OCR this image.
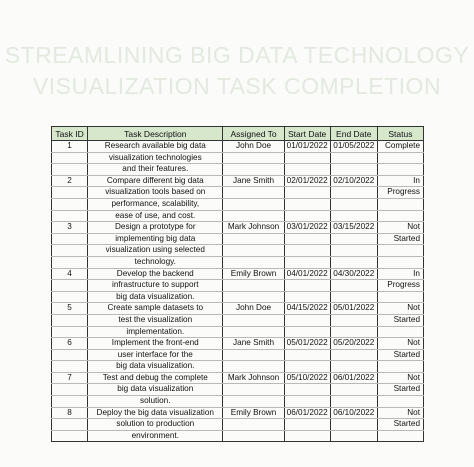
STREAMLINING BIG DATA TECHNOLOGY
VISUALIZATION TASK COMPLETION
Task ID	Task Description	Assigned To	Start Date	End Date	Status
1	Research available big data	John Doe	01/01/2022	01/05/2022	Complete
	visualization technologies				
	and their features.				
2	Compare different big data	Jane Smith	02/01/2022	02/10/2022	In
	visualization tools based on				Progress
	performance, scalability,				
	ease of use, and cost.				
3	Design a prototype for	Mark Johnson	03/01/2022	03/15/2022	Not
	implementing big data				Started
	visualization using selected				
	technology.				
4	Develop the backend	Emily Brown	04/01/2022	04/30/2022	In
	infrastructure to support				Progress
	big data visualization.				
5	Create sample datasets to	John Doe	04/15/2022	05/01/2022	Not
	test the visualization				Started
	implementation.				
6	Implement the front-end	Jane Smith	05/01/2022	05/20/2022	Not
	user interface for the				Started
	big data visualization.				
7	Test and debug the complete	Mark Johnson	05/10/2022	06/01/2022	Not
	big data visualization				Started
	solution.				
8	Deploy the big data visualization	Emily Brown	06/01/2022	06/10/2022	Not
	solution to production				Started
	environment.				
